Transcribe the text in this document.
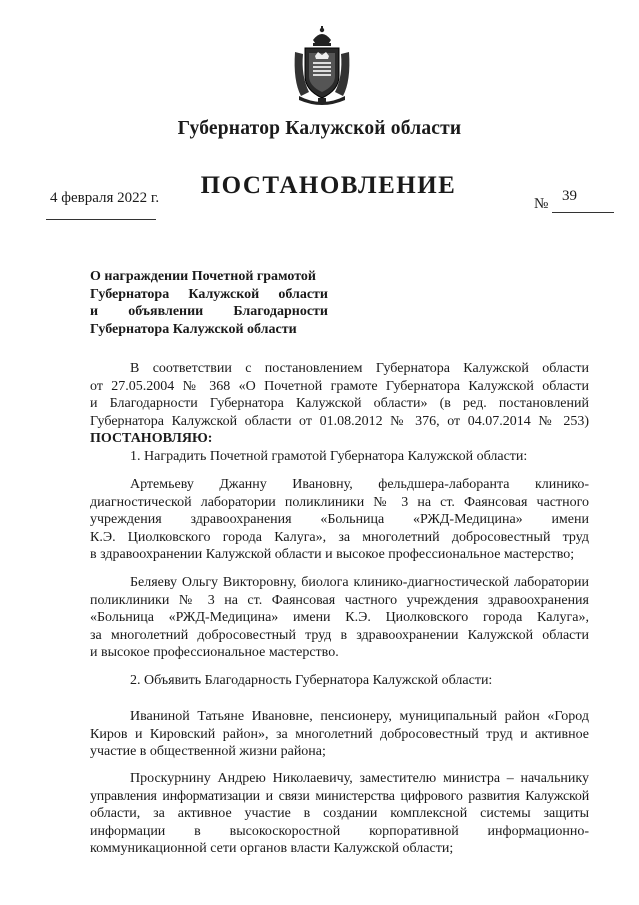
Губернатор Калужской области
4 февраля 2022 г.	ПОСТАНОВЛЕНИЕ
№ 39
О награждении Почетной грамотой
Губернатора Калужской области
и объявлении Благодарности
Губернатора Калужской области
В соответствии с постановлением Губернатора Калужской области
от 27.05.2004 № 368 «О Почетной грамоте Губернатора Калужской области
и Благодарности Губернатора Калужской области» (в ред. постановлений
Губернатора Калужской области от 01.08.2012 № 376, от 04.07.2014 № 253)
ПОСТАНОВЛЯЮ:
1. Наградить Почетной грамотой Губернатора Калужской области:
Артемьеву Джанну Ивановну, фельдшера-лаборанта клинико-
диагностической лаборатории поликлиники № 3 на ст. Фаянсовая частного
учреждения здравоохранения «Больница «РЖД-Медицина» имени
К.Э. Циолковского города Калуга», за многолетний добросовестный труд
в здравоохранении Калужской области и высокое профессиональное мастерство;
Беляеву Ольгу Викторовну, биолога клинико-диагностической лаборатории
поликлиники № 3 на ст. Фаянсовая частного учреждения здравоохранения
«Больница «РЖД-Медицина» имени К.Э. Циолковского города Калуга»,
за многолетний добросовестный труд в здравоохранении Калужской области
и высокое профессиональное мастерство.
2. Объявить Благодарность Губернатора Калужской области:
Иваниной Татьяне Ивановне, пенсионеру, муниципальный район «Город
Киров и Кировский район», за многолетний добросовестный труд и активное
участие в общественной жизни района;
Проскурнину Андрею Николаевичу, заместителю министра – начальнику
управления информатизации и связи министерства цифрового развития Калужской
области, за активное участие в создании комплексной системы защиты
информации в высокоскоростной корпоративной информационно-
коммуникационной сети органов власти Калужской области;
